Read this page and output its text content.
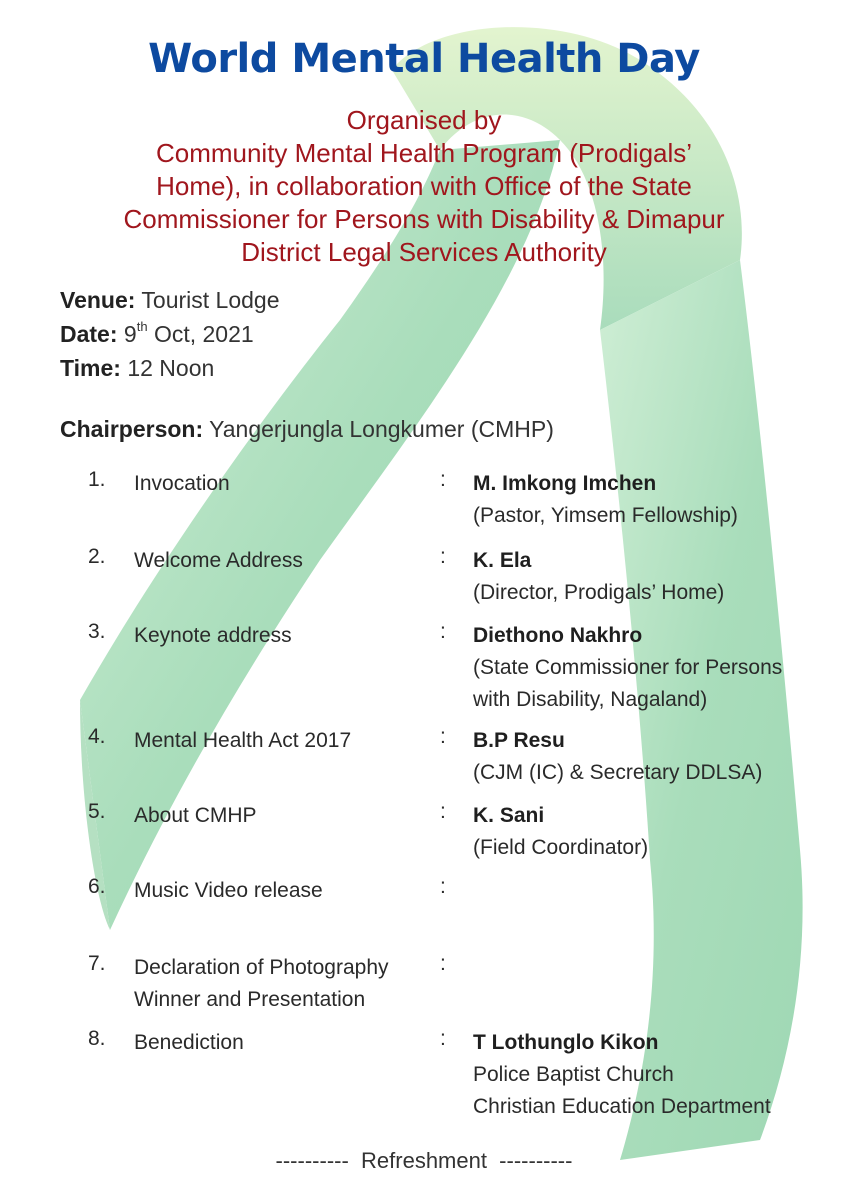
World Mental Health Day
Organised by
Community Mental Health Program (Prodigals’
Home), in collaboration with Office of the State
Commissioner for Persons with Disability & Dimapur
District Legal Services Authority
Venue: Tourist Lodge
Date: 9th Oct, 2021
Time: 12 Noon
Chairperson: Yangerjungla Longkumer (CMHP)
1. Invocation	: M. Imkong Imchen
(Pastor, Yimsem Fellowship)
2. Welcome Address	: K. Ela
(Director, Prodigals’ Home)
3. Keynote address	: Diethono Nakhro
(State Commissioner for Persons
with Disability, Nagaland)
4. Mental Health Act 2017	: B.P Resu
(CJM (IC) & Secretary DDLSA)
5. About CMHP	: K. Sani
(Field Coordinator)
6. Music Video release	:
7. Declaration of Photography
Winner and Presentation
:
8. Benediction	: T Lothunglo Kikon
Police Baptist Church
Christian Education Department
----------  Refreshment  ----------
